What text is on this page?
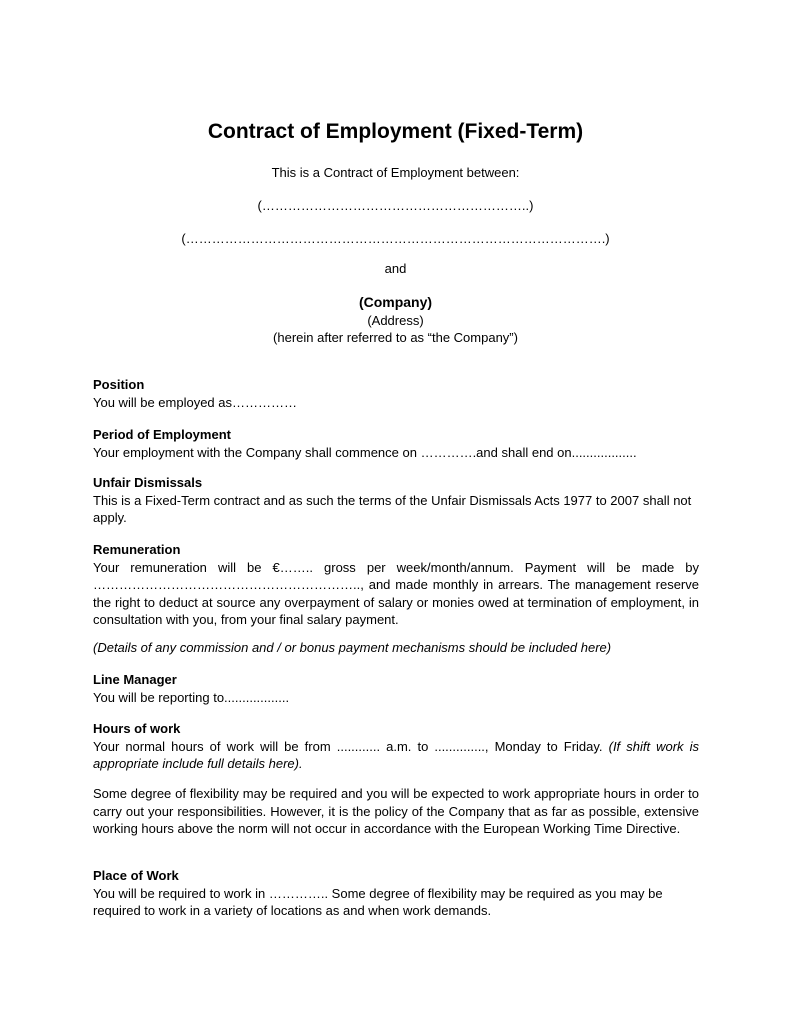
Contract of Employment (Fixed-Term)

This is a Contract of Employment between:

(……………………………………………………..)

(…………………………………………………………………………………….)

and

(Company)

(Address)

(herein after referred to as “the Company”)

Position

You will be employed as……………

Period of Employment

Your employment with the Company shall commence on ………….and shall end on..................

Unfair Dismissals

This is a Fixed-Term contract and as such the terms of the Unfair Dismissals Acts 1977 to 2007 shall not apply.

Remuneration

Your remuneration will be €…….. gross per week/month/annum. Payment will be made by …………………………………………………….., and made monthly in arrears. The management reserve the right to deduct at source any overpayment of salary or monies owed at termination of employment, in consultation with you, from your final salary payment.

(Details of any commission and / or bonus payment mechanisms should be included here)

Line Manager

You will be reporting to..................

Hours of work

Your normal hours of work will be from ............ a.m. to .............., Monday to Friday. (If shift work is appropriate include full details here).

Some degree of flexibility may be required and you will be expected to work appropriate hours in order to carry out your responsibilities. However, it is the policy of the Company that as far as possible, extensive working hours above the norm will not occur in accordance with the European Working Time Directive.

Place of Work

You will be required to work in ………….. Some degree of flexibility may be required as you may be required to work in a variety of locations as and when work demands.
